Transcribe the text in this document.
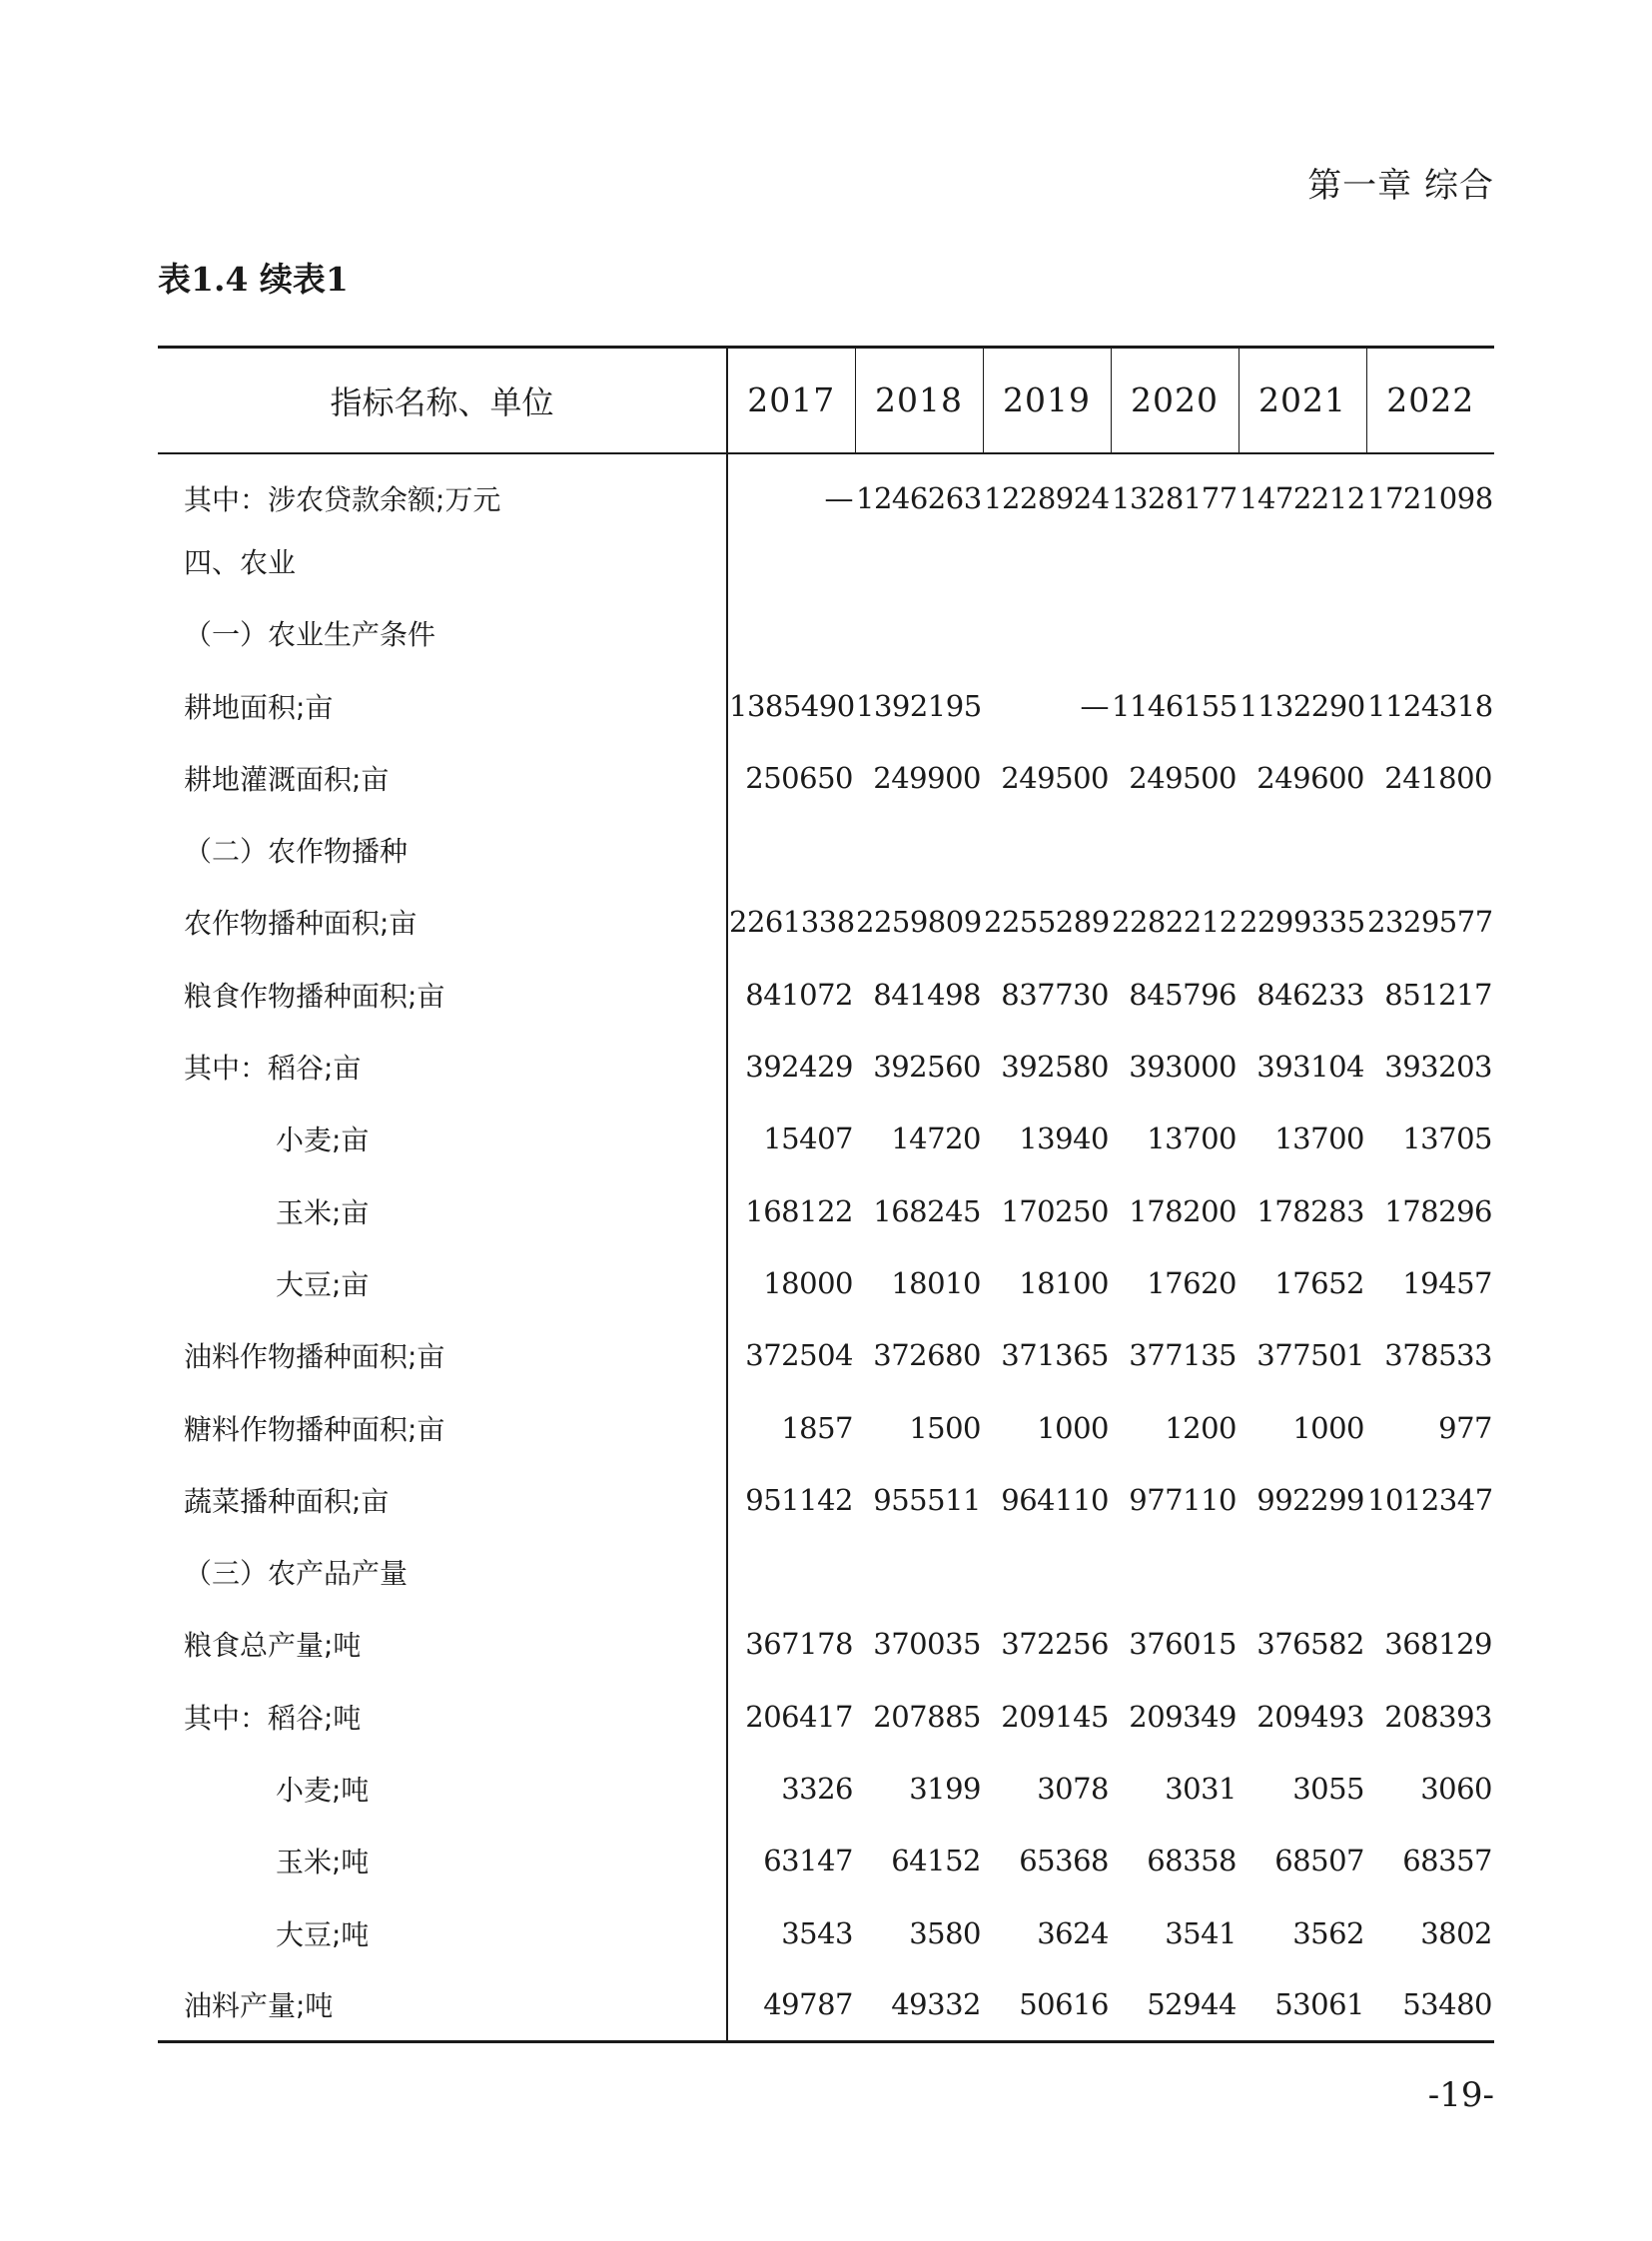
第一章 综合
表1.4 续表1
指标名称、单位	2017	2018	2019	2020	2021	2022
其中：涉农贷款余额;万元	—	1246263	1228924	1328177	1472212	1721098
四、农业						
（一）农业生产条件						
耕地面积;亩	1385490	1392195	—	1146155	1132290	1124318
耕地灌溉面积;亩	250650	249900	249500	249500	249600	241800
（二）农作物播种						
农作物播种面积;亩	2261338	2259809	2255289	2282212	2299335	2329577
粮食作物播种面积;亩	841072	841498	837730	845796	846233	851217
其中：稻谷;亩	392429	392560	392580	393000	393104	393203
小麦;亩	15407	14720	13940	13700	13700	13705
玉米;亩	168122	168245	170250	178200	178283	178296
大豆;亩	18000	18010	18100	17620	17652	19457
油料作物播种面积;亩	372504	372680	371365	377135	377501	378533
糖料作物播种面积;亩	1857	1500	1000	1200	1000	977
蔬菜播种面积;亩	951142	955511	964110	977110	992299	1012347
（三）农产品产量						
粮食总产量;吨	367178	370035	372256	376015	376582	368129
其中：稻谷;吨	206417	207885	209145	209349	209493	208393
小麦;吨	3326	3199	3078	3031	3055	3060
玉米;吨	63147	64152	65368	68358	68507	68357
大豆;吨	3543	3580	3624	3541	3562	3802
油料产量;吨	49787	49332	50616	52944	53061	53480
-19-
